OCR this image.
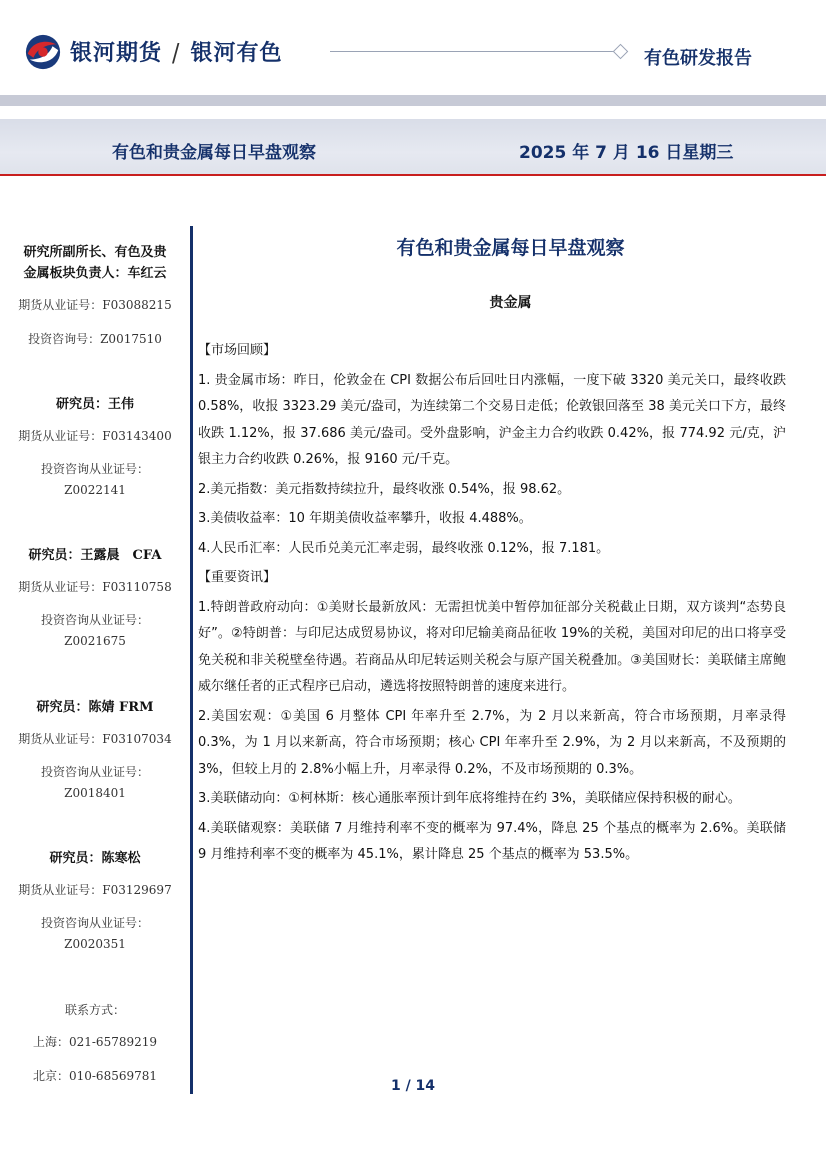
银河期货 / 银河有色	有色研发报告
有色和贵金属每日早盘观察	2025 年 7 月 16 日星期三
研究所副所长、有色及贵
金属板块负责人：车红云
期货从业证号：F03088215
投资咨询号：Z0017510
研究员：王伟
期货从业证号：F03143400
投资咨询从业证号：
Z0022141
研究员：王露晨　CFA
期货从业证号：F03110758
投资咨询从业证号：
Z0021675
研究员：陈婧 FRM
期货从业证号：F03107034
投资咨询从业证号：
Z0018401
研究员：陈寒松
期货从业证号：F03129697
投资咨询从业证号：
Z0020351
联系方式：
上海：021-65789219
北京：010-68569781
有色和贵金属每日早盘观察
贵金属
【市场回顾】

1. 贵金属市场：昨日，伦敦金在 CPI 数据公布后回吐日内涨幅，一度下破 3320 美元关口，最终收跌 0.58%，收报 3323.29 美元/盎司，为连续第二个交易日走低；伦敦银回落至 38 美元关口下方，最终收跌 1.12%，报 37.686 美元/盎司。受外盘影响，沪金主力合约收跌 0.42%，报 774.92 元/克，沪银主力合约收跌 0.26%，报 9160 元/千克。

2.美元指数：美元指数持续拉升，最终收涨 0.54%，报 98.62。

3.美债收益率：10 年期美债收益率攀升，收报 4.488%。

4.人民币汇率：人民币兑美元汇率走弱，最终收涨 0.12%，报 7.181。

【重要资讯】

1.特朗普政府动向：①美财长最新放风：无需担忧美中暂停加征部分关税截止日期，双方谈判“态势良好”。②特朗普：与印尼达成贸易协议，将对印尼输美商品征收 19%的关税，美国对印尼的出口将享受免关税和非关税壁垒待遇。若商品从印尼转运则关税会与原产国关税叠加。③美国财长：美联储主席鲍威尔继任者的正式程序已启动，遴选将按照特朗普的速度来进行。

2.美国宏观：①美国 6 月整体 CPI 年率升至 2.7%，为 2 月以来新高，符合市场预期，月率录得 0.3%，为 1 月以来新高，符合市场预期；核心 CPI 年率升至 2.9%，为 2 月以来新高，不及预期的 3%，但较上月的 2.8%小幅上升，月率录得 0.2%，不及市场预期的 0.3%。

3.美联储动向：①柯林斯：核心通胀率预计到年底将维持在约 3%，美联储应保持积极的耐心。

4.美联储观察：美联储 7 月维持利率不变的概率为 97.4%，降息 25 个基点的概率为 2.6%。美联储 9 月维持利率不变的概率为 45.1%，累计降息 25 个基点的概率为 53.5%。

1 / 14
